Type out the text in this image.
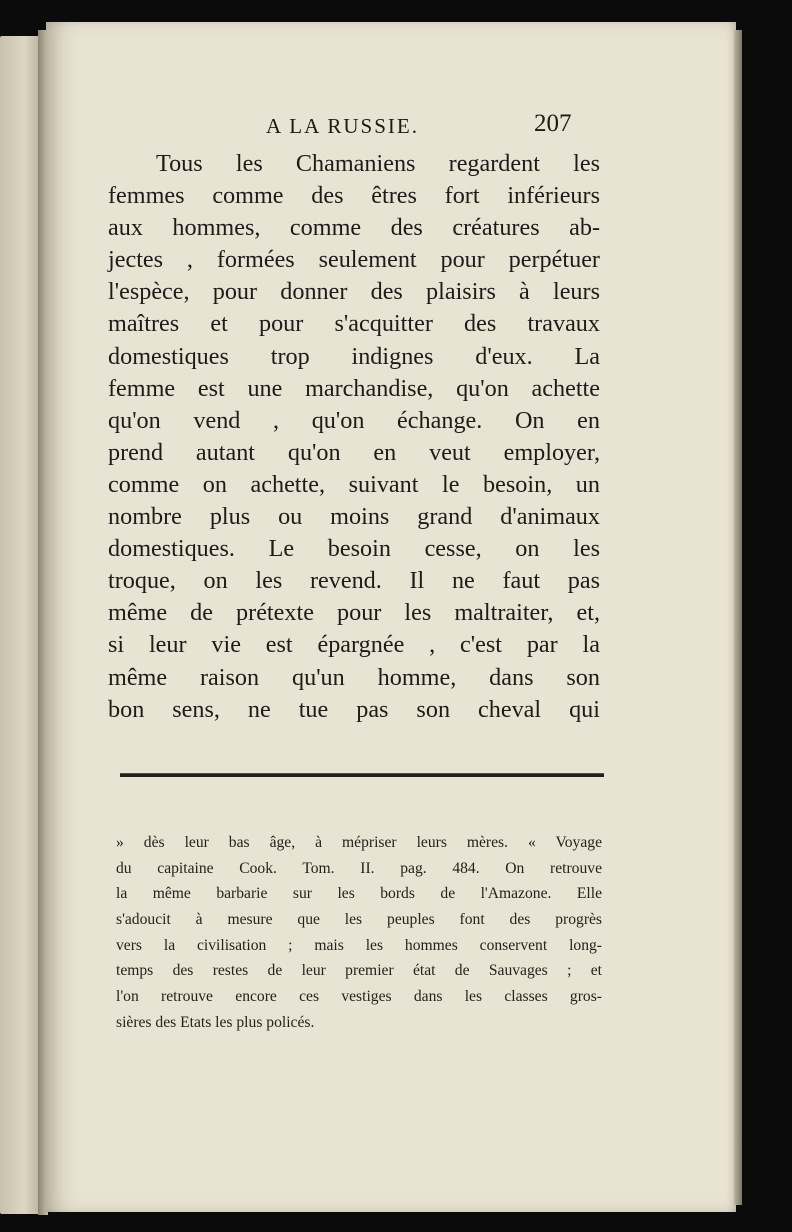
A LA RUSSIE.	207
Tous les Chamaniens regardent les
femmes comme des êtres fort inférieurs
aux hommes, comme des créatures ab-
jectes , formées seulement pour perpétuer
l'espèce, pour donner des plaisirs à leurs
maîtres et pour s'acquitter des travaux
domestiques trop indignes d'eux. La
femme est une marchandise, qu'on achette
qu'on vend , qu'on échange. On en
prend autant qu'on en veut employer,
comme on achette, suivant le besoin, un
nombre plus ou moins grand d'animaux
domestiques. Le besoin cesse, on les
troque, on les revend. Il ne faut pas
même de prétexte pour les maltraiter, et,
si leur vie est épargnée , c'est par la
même raison qu'un homme, dans son
bon sens, ne tue pas son cheval qui
» dès leur bas âge, à mépriser leurs mères. « Voyage
du capitaine Cook. Tom. II. pag. 484. On retrouve
la même barbarie sur les bords de l'Amazone. Elle
s'adoucit à mesure que les peuples font des progrès
vers la civilisation ; mais les hommes conservent long-
temps des restes de leur premier état de Sauvages ; et
l'on retrouve encore ces vestiges dans les classes gros-
sières des Etats les plus policés.
